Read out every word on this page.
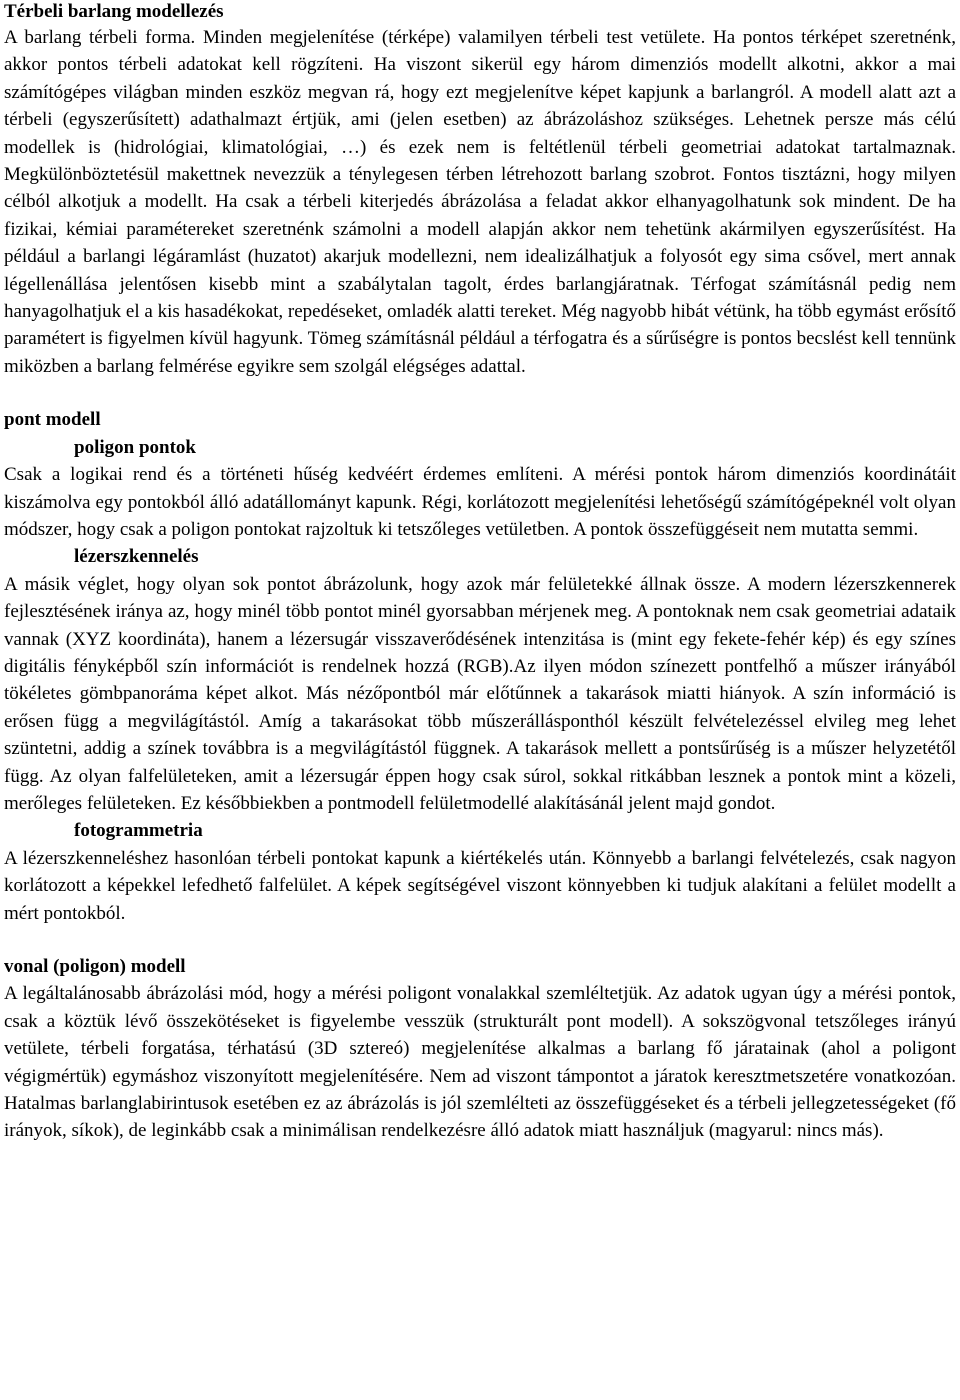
Térbeli barlang modellezés

A barlang térbeli forma. Minden megjelenítése (térképe) valamilyen térbeli test vetülete. Ha pontos térképet szeretnénk, akkor pontos térbeli adatokat kell rögzíteni. Ha viszont sikerül egy három dimenziós modellt alkotni, akkor a mai számítógépes világban minden eszköz megvan rá, hogy ezt megjelenítve képet kapjunk a barlangról. A modell alatt azt a térbeli (egyszerűsített) adathalmazt értjük, ami (jelen esetben) az ábrázoláshoz szükséges. Lehetnek persze más célú modellek is (hidrológiai, klimatológiai, …) és ezek nem is feltétlenül térbeli geometriai adatokat tartalmaznak. Megkülönböztetésül makettnek nevezzük a ténylegesen térben létrehozott barlang szobrot. Fontos tisztázni, hogy milyen célból alkotjuk a modellt. Ha csak a térbeli kiterjedés ábrázolása a feladat akkor elhanyagolhatunk sok mindent. De ha fizikai, kémiai paramétereket szeretnénk számolni a modell alapján akkor nem tehetünk akármilyen egyszerűsítést. Ha például a barlangi légáramlást (huzatot) akarjuk modellezni, nem idealizálhatjuk a folyosót egy sima csővel, mert annak légellenállása jelentősen kisebb mint a szabálytalan tagolt, érdes barlangjáratnak. Térfogat számításnál pedig nem hanyagolhatjuk el a kis hasadékokat, repedéseket, omladék alatti tereket. Még nagyobb hibát vétünk, ha több egymást erősítő paramétert is figyelmen kívül hagyunk. Tömeg számításnál például a térfogatra és a sűrűségre is pontos becslést kell tennünk miközben a barlang felmérése egyikre sem szolgál elégséges adattal.

pont modell

poligon pontok

Csak a logikai rend és a történeti hűség kedvéért érdemes említeni. A mérési pontok három dimenziós koordinátáit kiszámolva egy pontokból álló adatállományt kapunk. Régi, korlátozott megjelenítési lehetőségű számítógépeknél volt olyan módszer, hogy csak a poligon pontokat rajzoltuk ki tetszőleges vetületben. A pontok összefüggéseit nem mutatta semmi.

lézerszkennelés

A másik véglet, hogy olyan sok pontot ábrázolunk, hogy azok már felületekké állnak össze. A modern lézerszkennerek fejlesztésének iránya az, hogy minél több pontot minél gyorsabban mérjenek meg. A pontoknak nem csak geometriai adataik vannak (XYZ koordináta), hanem a lézersugár visszaverődésének intenzitása is (mint egy fekete-fehér kép) és egy színes digitális fényképből szín információt is rendelnek hozzá (RGB).Az ilyen módon színezett pontfelhő a műszer irányából tökéletes gömbpanoráma képet alkot. Más nézőpontból már előtűnnek a takarások miatti hiányok. A szín információ is erősen függ a megvilágítástól. Amíg a takarásokat több műszerállásponthól készült felvételezéssel elvileg meg lehet szüntetni, addig a színek továbbra is a megvilágítástól függnek. A takarások mellett a pontsűrűség is a műszer helyzetétől függ. Az olyan falfelületeken, amit a lézersugár éppen hogy csak súrol, sokkal ritkábban lesznek a pontok mint a közeli, merőleges felületeken. Ez későbbiekben a pontmodell felületmodellé alakításánál jelent majd gondot.

fotogrammetria

A lézerszkenneléshez hasonlóan térbeli pontokat kapunk a kiértékelés után. Könnyebb a barlangi felvételezés, csak nagyon korlátozott a képekkel lefedhető falfelület. A képek segítségével viszont könnyebben ki tudjuk alakítani a felület modellt a mért pontokból.

vonal (poligon) modell

A legáltalánosabb ábrázolási mód, hogy a mérési poligont vonalakkal szemléltetjük. Az adatok ugyan úgy a mérési pontok, csak a köztük lévő összekötéseket is figyelembe vesszük (strukturált pont modell). A sokszögvonal tetszőleges irányú vetülete, térbeli forgatása, térhatású (3D sztereó) megjelenítése alkalmas a barlang fő járatainak (ahol a poligont végigmértük) egymáshoz viszonyított megjelenítésére. Nem ad viszont támpontot a járatok keresztmetszetére vonatkozóan. Hatalmas barlanglabirintusok esetében ez az ábrázolás is jól szemlélteti az összefüggéseket és a térbeli jellegzetességeket (fő irányok, síkok), de leginkább csak a minimálisan rendelkezésre álló adatok miatt használjuk (magyarul: nincs más).
